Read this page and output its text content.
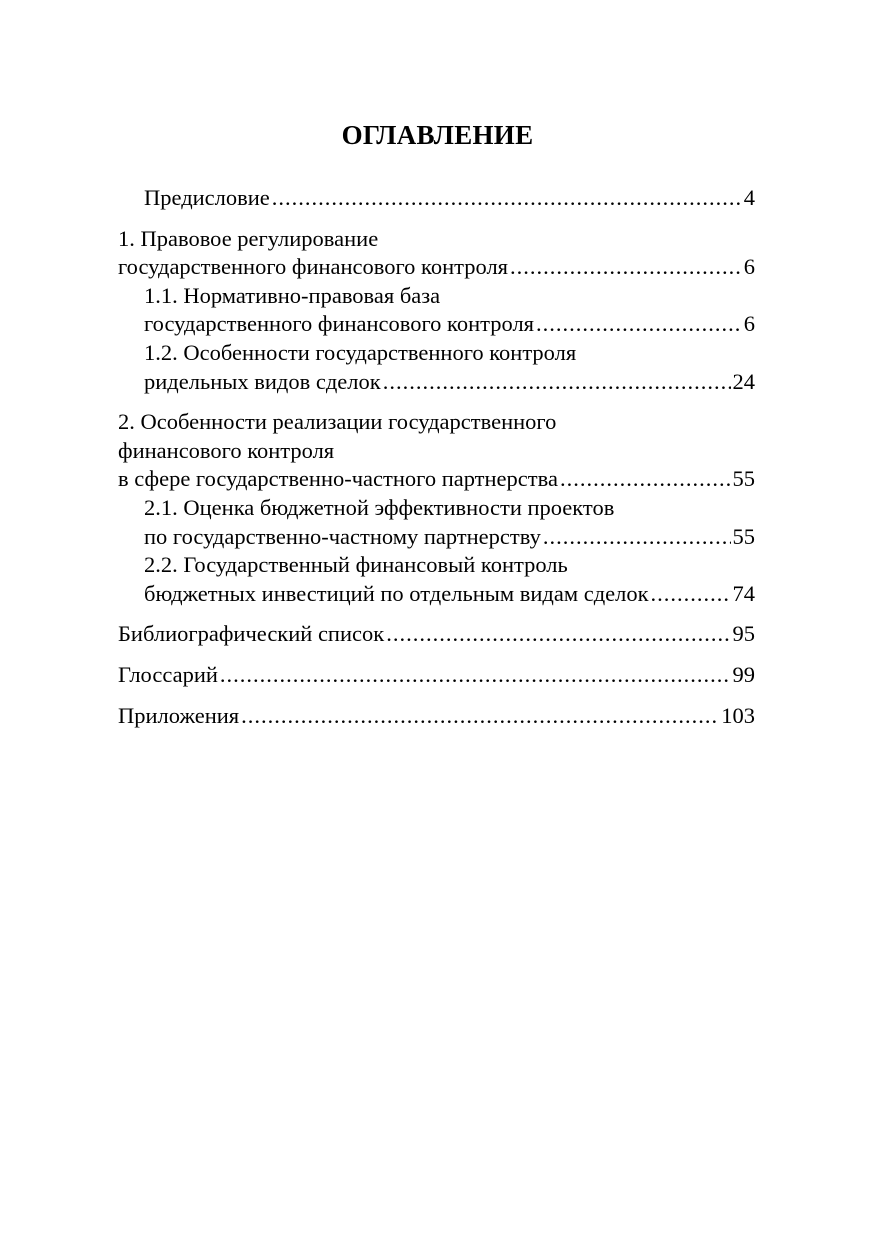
ОГЛАВЛЕНИЕ
Предисловие .....	4
1. Правовое регулирование
государственного финансового контроля .....	6
1.1. Нормативно-правовая база
государственного финансового контроля .....	6
1.2. Особенности государственного контроля
ридельных видов сделок .....	24
2. Особенности реализации государственного
финансового контроля
в сфере государственно-частного партнерства .....	55
2.1. Оценка бюджетной эффективности проектов
по государственно-частному партнерству .....	55
2.2. Государственный финансовый контроль
бюджетных инвестиций по отдельным видам сделок .....	74
Библиографический список .....	95
Глоссарий .....	99
Приложения .....	103
